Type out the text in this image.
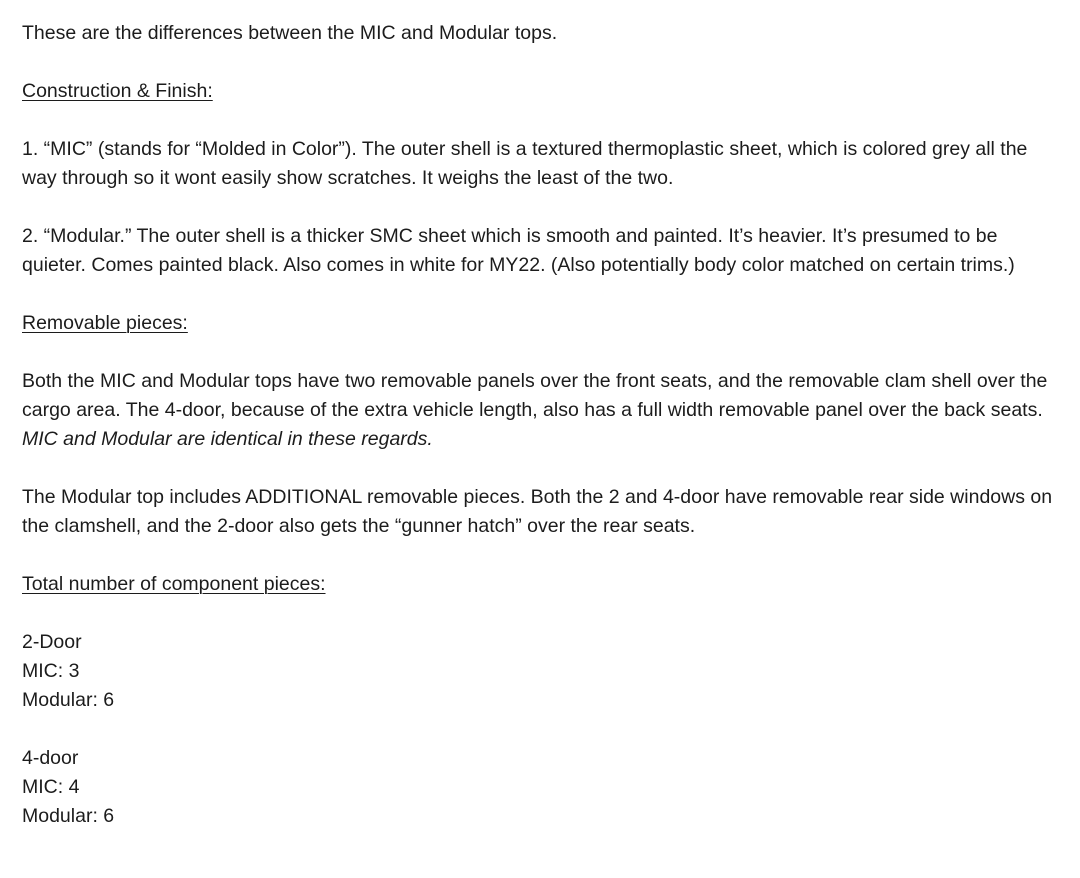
These are the differences between the MIC and Modular tops.

Construction & Finish:

1. “MIC” (stands for “Molded in Color”). The outer shell is a textured thermoplastic sheet, which is colored grey all the way through so it wont easily show scratches. It weighs the least of the two.

2. “Modular.” The outer shell is a thicker SMC sheet which is smooth and painted. It’s heavier. It’s presumed to be quieter. Comes painted black. Also comes in white for MY22. (Also potentially body color matched on certain trims.)

Removable pieces:

Both the MIC and Modular tops have two removable panels over the front seats, and the removable clam shell over the cargo area. The 4-door, because of the extra vehicle length, also has a full width removable panel over the back seats. MIC and Modular are identical in these regards.

The Modular top includes ADDITIONAL removable pieces. Both the 2 and 4-door have removable rear side windows on the clamshell, and the 2-door also gets the “gunner hatch” over the rear seats.

Total number of component pieces:

2-Door
MIC: 3
Modular: 6
4-door
MIC: 4
Modular: 6
